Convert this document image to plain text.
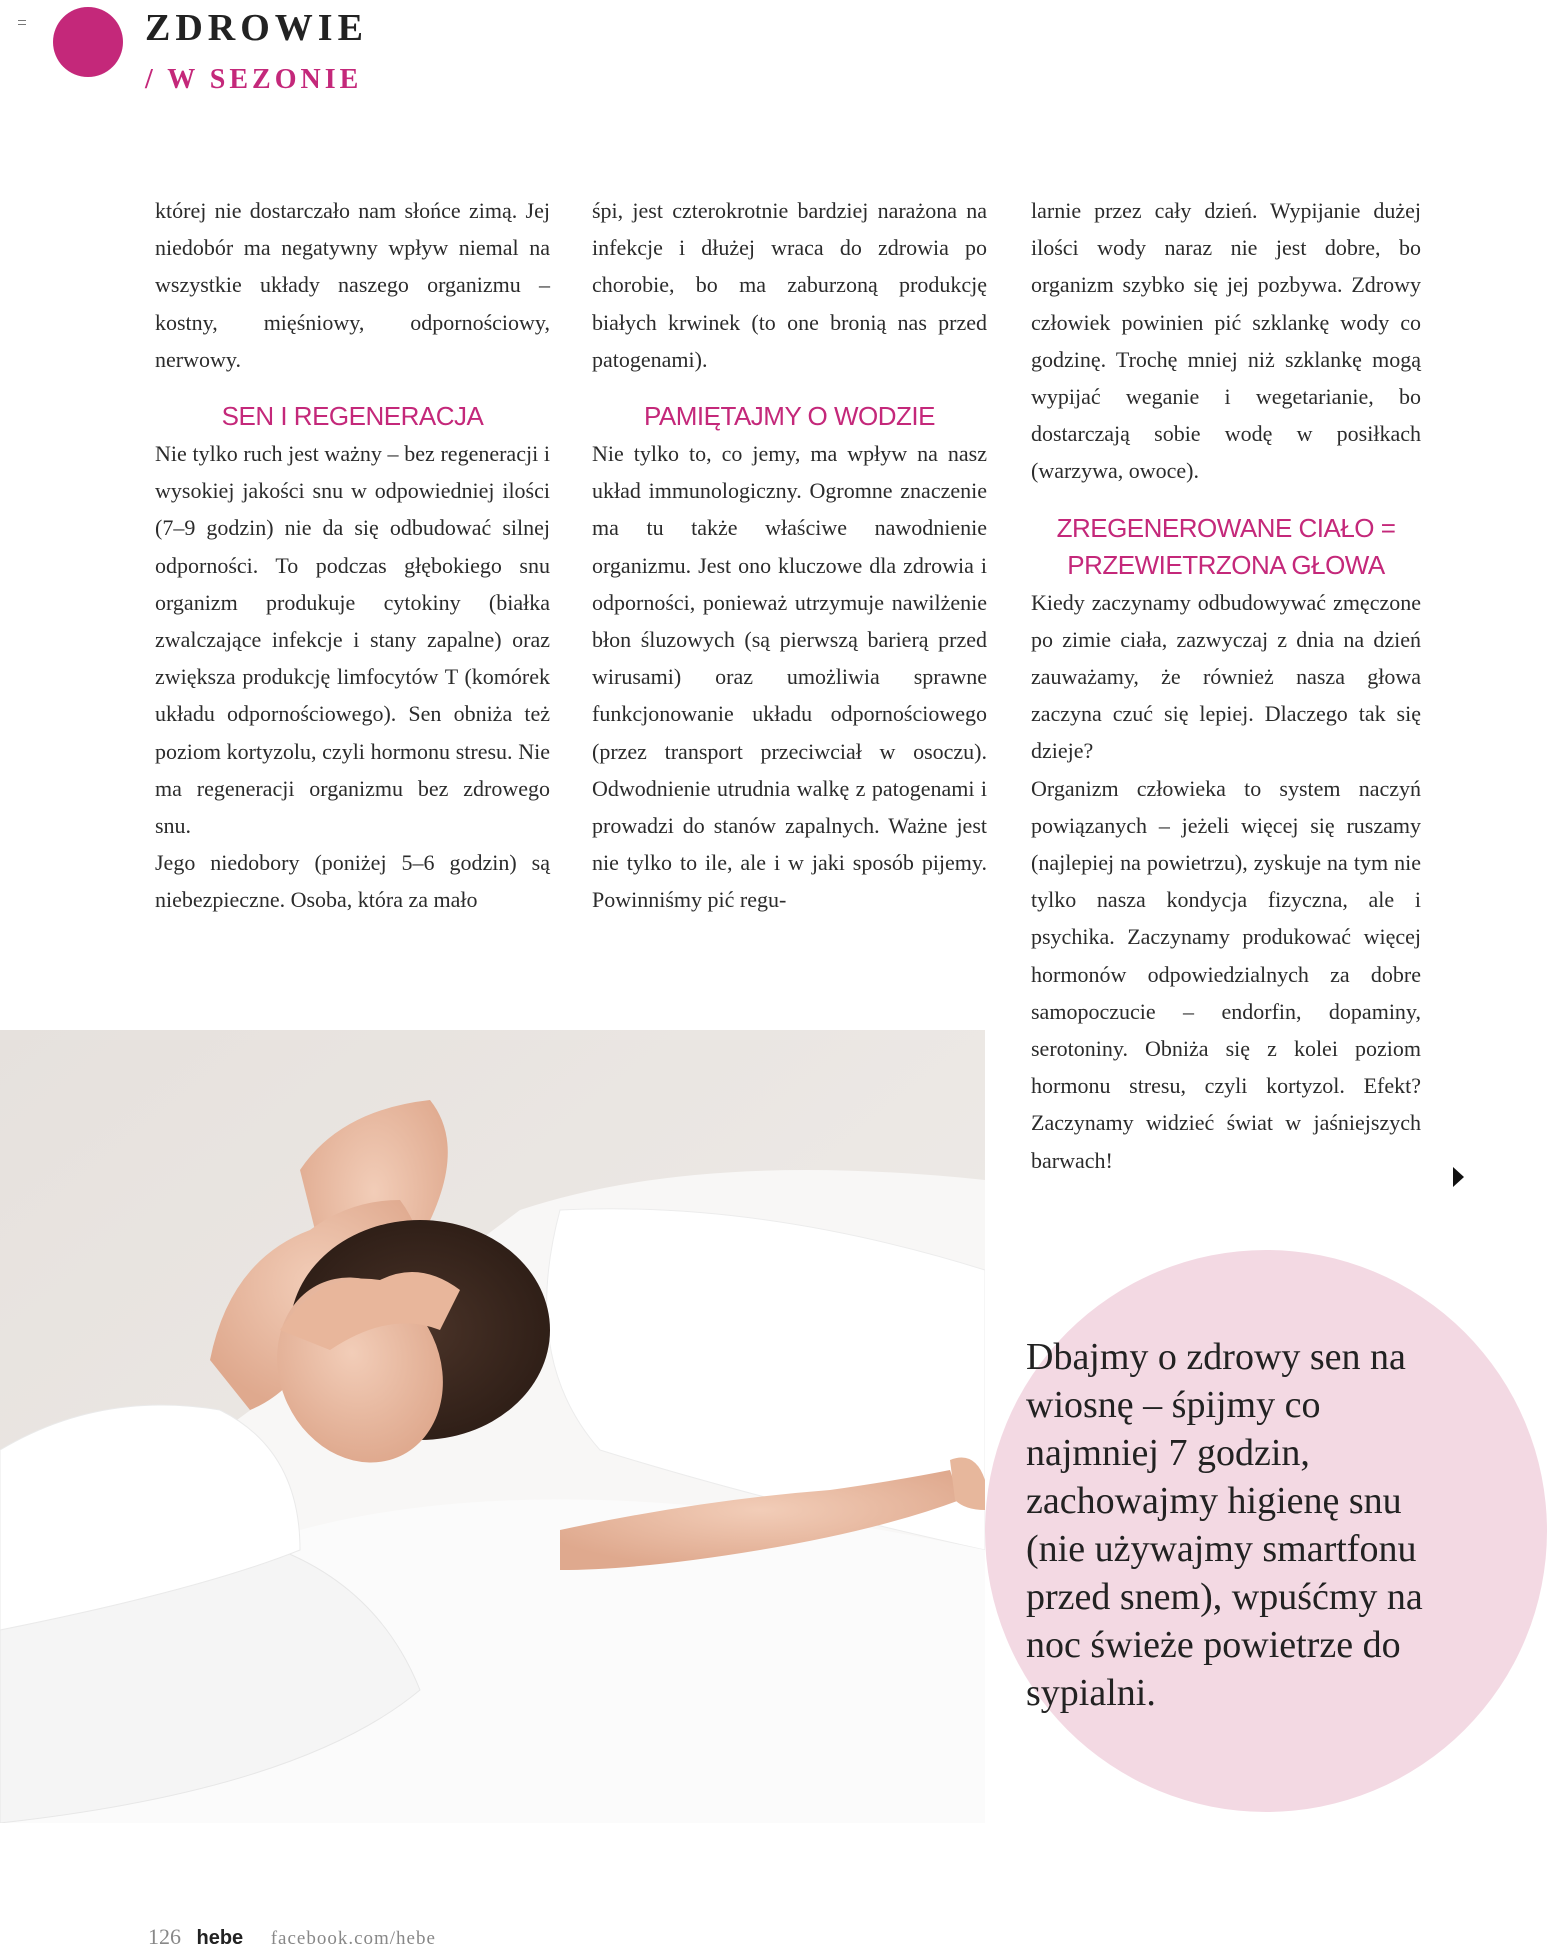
ZDROWIE
/ W SEZONIE

której nie dostarczało nam słońce zimą. Jej niedobór ma negatywny wpływ niemal na wszystkie układy naszego organizmu – kostny, mięśniowy, odpornościowy, nerwowy.

SEN I REGENERACJA

Nie tylko ruch jest ważny – bez regeneracji i wysokiej jakości snu w odpowiedniej ilości (7–9 godzin) nie da się odbudować silnej odporności. To podczas głębokiego snu organizm produkuje cytokiny (białka zwalczające infekcje i stany zapalne) oraz zwiększa produkcję limfocytów T (komórek układu odpornościowego). Sen obniża też poziom kortyzolu, czyli hormonu stresu. Nie ma regeneracji organizmu bez zdrowego snu.

Jego niedobory (poniżej 5–6 godzin) są niebezpieczne. Osoba, która za mało

śpi, jest czterokrotnie bardziej narażona na infekcje i dłużej wraca do zdrowia po chorobie, bo ma zaburzoną produkcję białych krwinek (to one bronią nas przed patogenami).

PAMIĘTAJMY O WODZIE

Nie tylko to, co jemy, ma wpływ na nasz układ immunologiczny. Ogromne znaczenie ma tu także właściwe nawodnienie organizmu. Jest ono kluczowe dla zdrowia i odporności, ponieważ utrzymuje nawilżenie błon śluzowych (są pierwszą barierą przed wirusami) oraz umożliwia sprawne funkcjonowanie układu odpornościowego (przez transport przeciwciał w osoczu). Odwodnienie utrudnia walkę z patogenami i prowadzi do stanów zapalnych. Ważne jest nie tylko to ile, ale i w jaki sposób pijemy. Powinniśmy pić regu-

larnie przez cały dzień. Wypijanie dużej ilości wody naraz nie jest dobre, bo organizm szybko się jej pozbywa. Zdrowy człowiek powinien pić szklankę wody co godzinę. Trochę mniej niż szklankę mogą wypijać weganie i wegetarianie, bo dostarczają sobie wodę w posiłkach (warzywa, owoce).

ZREGENEROWANE CIAŁO =
PRZEWIETRZONA GŁOWA

Kiedy zaczynamy odbudowywać zmęczone po zimie ciała, zazwyczaj z dnia na dzień zauważamy, że również nasza głowa zaczyna czuć się lepiej. Dlaczego tak się dzieje?

Organizm człowieka to system naczyń powiązanych – jeżeli więcej się ruszamy (najlepiej na powietrzu), zyskuje na tym nie tylko nasza kondycja fizyczna, ale i psychika. Zaczynamy produkować więcej hormonów odpowiedzialnych za dobre samopoczucie – endorfin, dopaminy, serotoniny. Obniża się z kolei poziom hormonu stresu, czyli kortyzol. Efekt? Zaczynamy widzieć świat w jaśniejszych barwach!

Dbajmy o zdrowy sen na wiosnę – śpijmy co najmniej 7 godzin, zachowajmy higienę snu (nie używajmy smartfonu przed snem), wpuśćmy na noc świeże powietrze do sypialni.
126 hebe facebook.com/hebe
